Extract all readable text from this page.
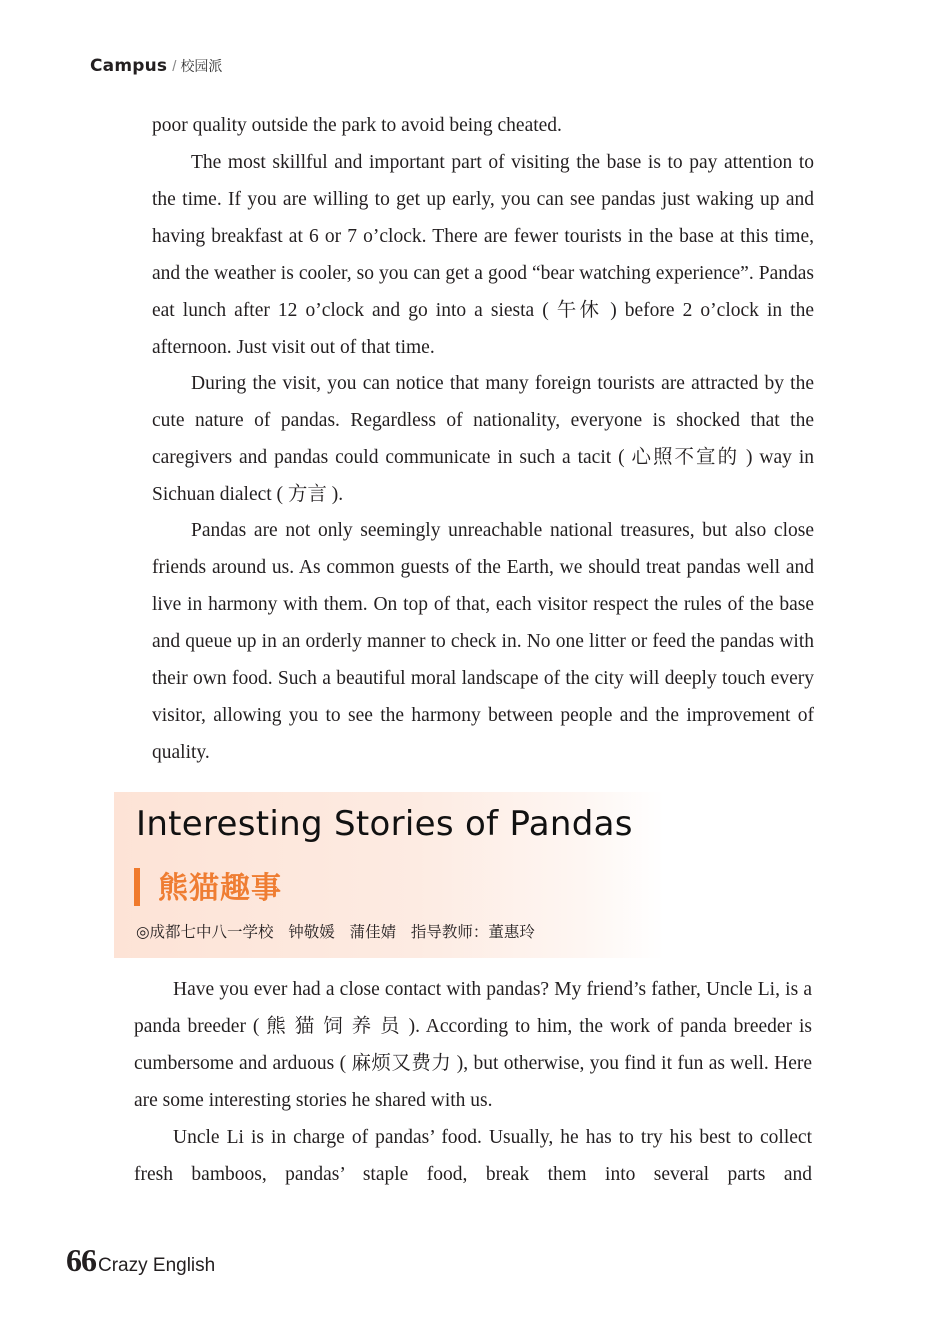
Campus / 校园派

poor quality outside the park to avoid being cheated.

The most skillful and important part of visiting the base is to pay attention to the time. If you are willing to get up early, you can see pandas just waking up and having breakfast at 6 or 7 o’clock. There are fewer tourists in the base at this time, and the weather is cooler, so you can get a good “bear watching experience”. Pandas eat lunch after 12 o’clock and go into a siesta ( 午休 ) before 2 o’clock in the afternoon. Just visit out of that time.

During the visit, you can notice that many foreign tourists are attracted by the cute nature of pandas. Regardless of nationality, everyone is shocked that the caregivers and pandas could communicate in such a tacit ( 心照不宣的 ) way in Sichuan dialect ( 方言 ).

Pandas are not only seemingly unreachable national treasures, but also close friends around us. As common guests of the Earth, we should treat pandas well and live in harmony with them. On top of that, each visitor respect the rules of the base and queue up in an orderly manner to check in. No one litter or feed the pandas with their own food. Such a beautiful moral landscape of the city will deeply touch every visitor, allowing you to see the harmony between people and the improvement of quality.

Interesting Stories of Pandas
熊猫趣事
◎成都七中八一学校   钟敬媛   蒲佳婧   指导教师：董惠玲

Have you ever had a close contact with pandas? My friend’s father, Uncle Li, is a panda breeder ( 熊 猫 饲 养 员 ). According to him, the work of panda breeder is cumbersome and arduous ( 麻烦又费力 ), but otherwise, you find it fun as well. Here are some interesting stories he shared with us.

Uncle Li is in charge of pandas’ food. Usually, he has to try his best to collect fresh bamboos, pandas’ staple food, break them into several parts and

66 Crazy English
